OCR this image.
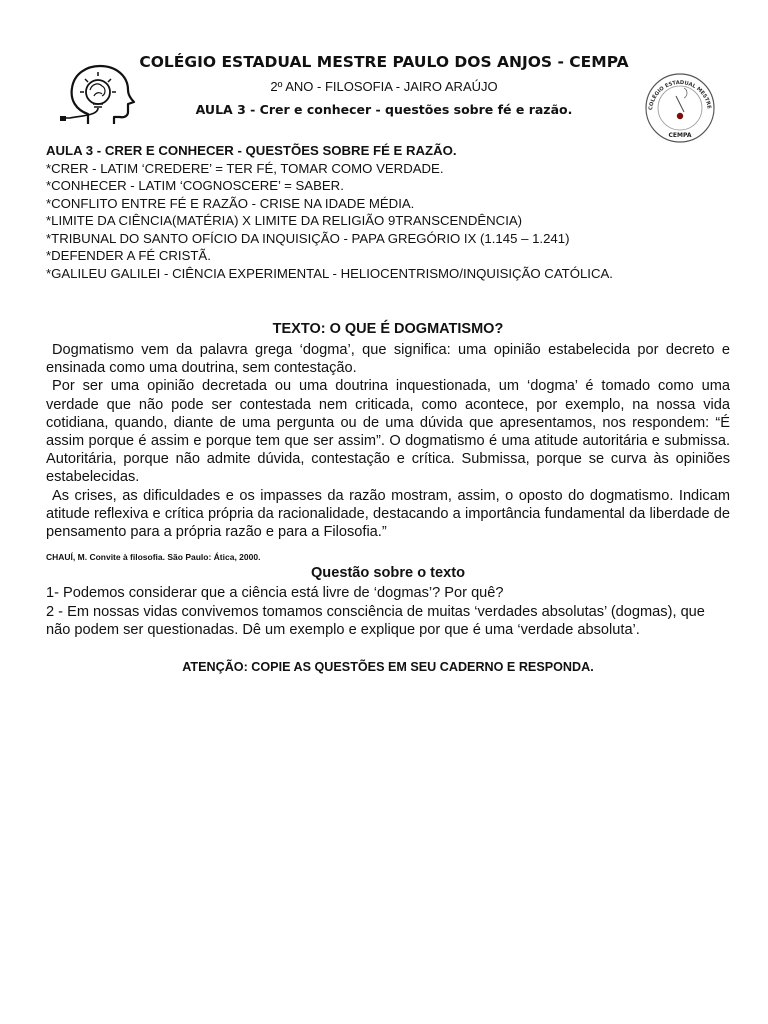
COLÉGIO ESTADUAL MESTRE
CEMPA
COLÉGIO ESTADUAL MESTRE PAULO DOS ANJOS - CEMPA
2º ANO - FILOSOFIA - JAIRO ARAÚJO
AULA 3 - Crer e conhecer - questões sobre fé e razão.
AULA 3 - CRER E CONHECER - QUESTÕES SOBRE FÉ E RAZÃO.
*CRER - LATIM ‘CREDERE’ = TER FÉ, TOMAR COMO VERDADE.
*CONHECER - LATIM ‘COGNOSCERE’ = SABER.
*CONFLITO ENTRE FÉ E RAZÃO - CRISE NA IDADE MÉDIA.
*LIMITE DA CIÊNCIA(MATÉRIA) X LIMITE DA RELIGIÃO 9TRANSCENDÊNCIA)
*TRIBUNAL DO SANTO OFÍCIO DA INQUISIÇÃO - PAPA GREGÓRIO IX (1.145 – 1.241)
*DEFENDER A FÉ CRISTÃ.
*GALILEU GALILEI - CIÊNCIA EXPERIMENTAL - HELIOCENTRISMO/INQUISIÇÃO CATÓLICA.
TEXTO: O QUE É DOGMATISMO?

Dogmatismo vem da palavra grega ‘dogma’, que significa: uma opinião estabelecida por decreto e ensinada como uma doutrina, sem contestação.

Por ser uma opinião decretada ou uma doutrina inquestionada, um ‘dogma’ é tomado como uma verdade que não pode ser contestada nem criticada, como acontece, por exemplo, na nossa vida cotidiana, quando, diante de uma pergunta ou de uma dúvida que apresentamos, nos respondem: “É assim porque é assim e porque tem que ser assim”. O dogmatismo é uma atitude autoritária e submissa. Autoritária, porque não admite dúvida, contestação e crítica. Submissa, porque se curva às opiniões estabelecidas.

As crises, as dificuldades e os impasses da razão mostram, assim, o oposto do dogmatismo. Indicam atitude reflexiva e crítica própria da racionalidade, destacando a importância fundamental da liberdade de pensamento para a própria razão e para a Filosofia.”

CHAUÍ, M. Convite à filosofia. São Paulo: Ática, 2000.
Questão sobre o texto

1- Podemos considerar que a ciência está livre de ‘dogmas’? Por quê?

2 - Em nossas vidas convivemos tomamos consciência de muitas ‘verdades absolutas’ (dogmas), que não podem ser questionadas. Dê um exemplo e explique por que é uma ‘verdade absoluta’.

ATENÇÃO: COPIE AS QUESTÕES EM SEU CADERNO E RESPONDA.
